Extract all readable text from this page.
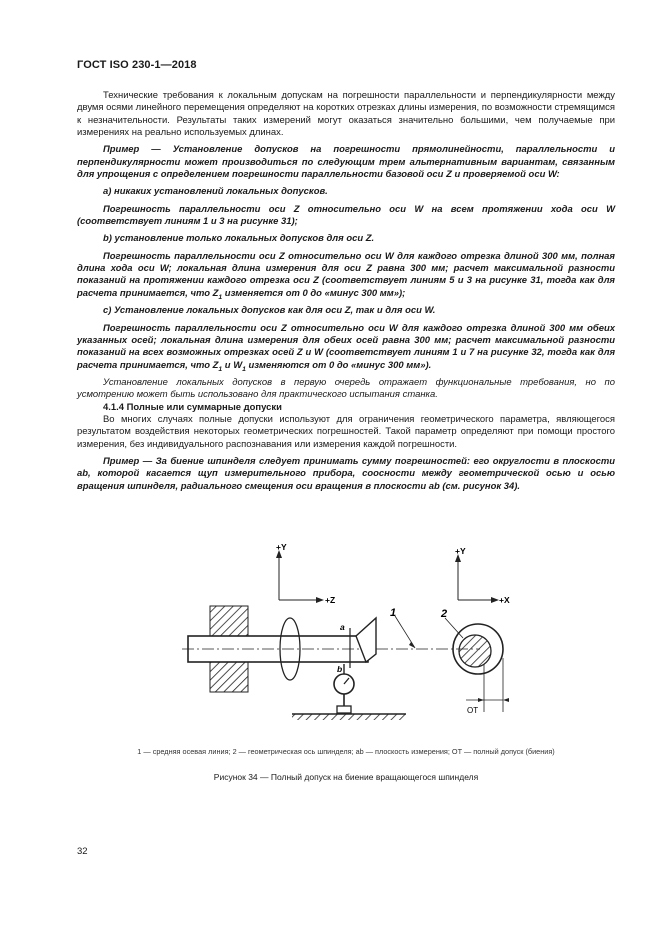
ГОСТ ISO 230-1—2018

Технические требования к локальным допускам на погрешности параллельности и перпендикулярности между двумя осями линейного перемещения определяют на коротких отрезках длины измерения, по возможности стремящимся к незначительности. Результаты таких измерений могут оказаться значительно большими, чем получаемые при измерениях на реально используемых длинах.

Пример — Установление допусков на погрешности прямолинейности, параллельности и перпендикулярности может производиться по следующим трем альтернативным вариантам, связанным для упрощения с определением погрешности параллельности базовой оси Z и проверяемой оси W:

a) никаких установлений локальных допусков.

Погрешность параллельности оси Z относительно оси W на всем протяжении хода оси W (соответствует линиям 1 и 3 на рисунке 31);

b) установление только локальных допусков для оси Z.

Погрешность параллельности оси Z относительно оси W для каждого отрезка длиной 300 мм, полная длина хода оси W; локальная длина измерения для оси Z равна 300 мм; расчет максимальной разности показаний на протяжении каждого отрезка оси Z (соответствует линиям 5 и 3 на рисунке 31, тогда как для расчета принимается, что $Z_1$ изменяется от 0 до «минус 300 мм»);

c) Установление локальных допусков как для оси Z, так и для оси W.

Погрешность параллельности оси Z относительно оси W для каждого отрезка длиной 300 мм обеих указанных осей; локальная длина измерения для обеих осей равна 300 мм; расчет максимальной разности показаний на всех возможных отрезках осей Z и W (соответствует линиям 1 и 7 на рисунке 32, тогда как для расчета принимается, что $Z_1$ и $W_1$ изменяются от 0 до «минус 300 мм»).

Установление локальных допусков в первую очередь отражает функциональные требования, но по усмотрению может быть использовано для практического испытания станка.

4.1.4 Полные или суммарные допуски

Во многих случаях полные допуски используют для ограничения геометрического параметра, являющегося результатом воздействия некоторых геометрических погрешностей. Такой параметр определяют при помощи простого измерения, без индивидуального распознавания или измерения каждой погрешности.

Пример — За биение шпинделя следует принимать сумму погрешностей: его округлости в плоскости ab, которой касается щуп измерительного прибора, соосности между геометрической осью и осью вращения шпинделя, радиального смещения оси вращения в плоскости ab (см. рисунок 34).

+Y
+Z
+Y
+X
1	2
a
b
OT
1 — средняя осевая линия; 2 — геометрическая ось шпинделя; ab — плоскость измерения; OT — полный допуск (биения)
Рисунок 34 — Полный допуск на биение вращающегося шпинделя
32
